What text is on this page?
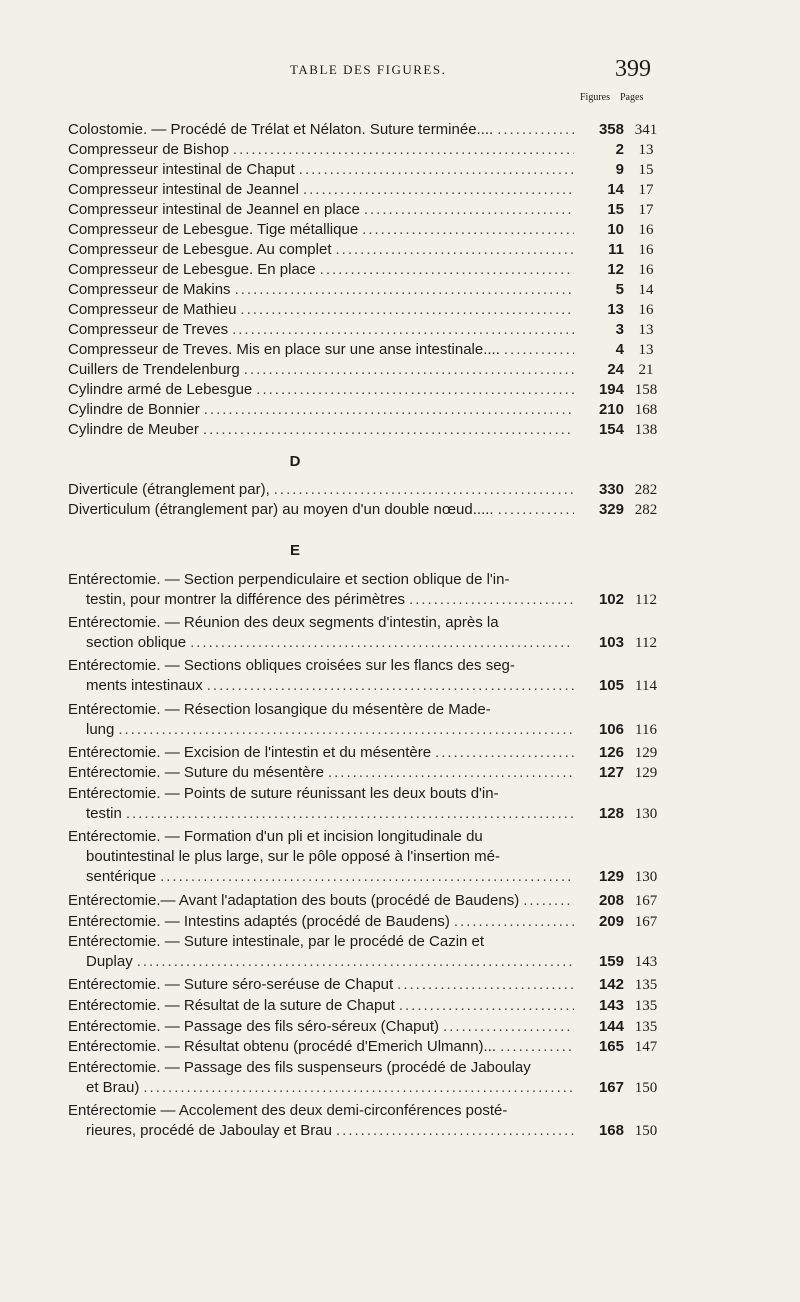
TABLE DES FIGURES.	399
Figures Pages
D
E
Colostomie. — Procédé de Trélat et Nélaton. Suture terminée.... .....	358 341
Compresseur de Bishop .....	2 13
Compresseur intestinal de Chaput .....	9 15
Compresseur intestinal de Jeannel .....	14 17
Compresseur intestinal de Jeannel en place .....	15 17
Compresseur de Lebesgue. Tige métallique .....	10 16
Compresseur de Lebesgue. Au complet .....	11 16
Compresseur de Lebesgue. En place .....	12 16
Compresseur de Makins .....	5 14
Compresseur de Mathieu .....	13 16
Compresseur de Treves .....	3 13
Compresseur de Treves. Mis en place sur une anse intestinale.... .....	4 13
Cuillers de Trendelenburg .....	24 21
Cylindre armé de Lebesgue .....	194 158
Cylindre de Bonnier .....	210 168
Cylindre de Meuber .....	154 138
Diverticule (étranglement par), .....	330 282
Diverticulum (étranglement par) au moyen d'un double nœud..... .....	329 282
Entérectomie. — Section perpendiculaire et section oblique de l'in-
testin, pour montrer la différence des périmètres .....	102 112
Entérectomie. — Réunion des deux segments d'intestin, après la
section oblique .....	103 112
Entérectomie. — Sections obliques croisées sur les flancs des seg-
ments intestinaux .....	105 114
Entérectomie. — Résection losangique du mésentère de Made-
lung .....	106 116
Entérectomie. — Excision de l'intestin et du mésentère .....	126 129
Entérectomie. — Suture du mésentère .....	127 129
Entérectomie. — Points de suture réunissant les deux bouts d'in-
testin .....	128 130
Entérectomie. — Formation d'un pli et incision longitudinale du
boutintestinal le plus large, sur le pôle opposé à l'insertion mé-
sentérique .....	129 130
Entérectomie.— Avant l'adaptation des bouts (procédé de Baudens) .....	208 167
Entérectomie. — Intestins adaptés (procédé de Baudens) .....	209 167
Entérectomie. — Suture intestinale, par le procédé de Cazin et
Duplay .....	159 143
Entérectomie. — Suture séro-seréuse de Chaput .....	142 135
Entérectomie. — Résultat de la suture de Chaput .....	143 135
Entérectomie. — Passage des fils séro-séreux (Chaput) .....	144 135
Entérectomie. — Résultat obtenu (procédé d'Emerich Ulmann)... .....	165 147
Entérectomie. — Passage des fils suspenseurs (procédé de Jaboulay
et Brau) .....	167 150
Entérectomie — Accolement des deux demi-circonférences posté-
rieures, procédé de Jaboulay et Brau .....	168 150
